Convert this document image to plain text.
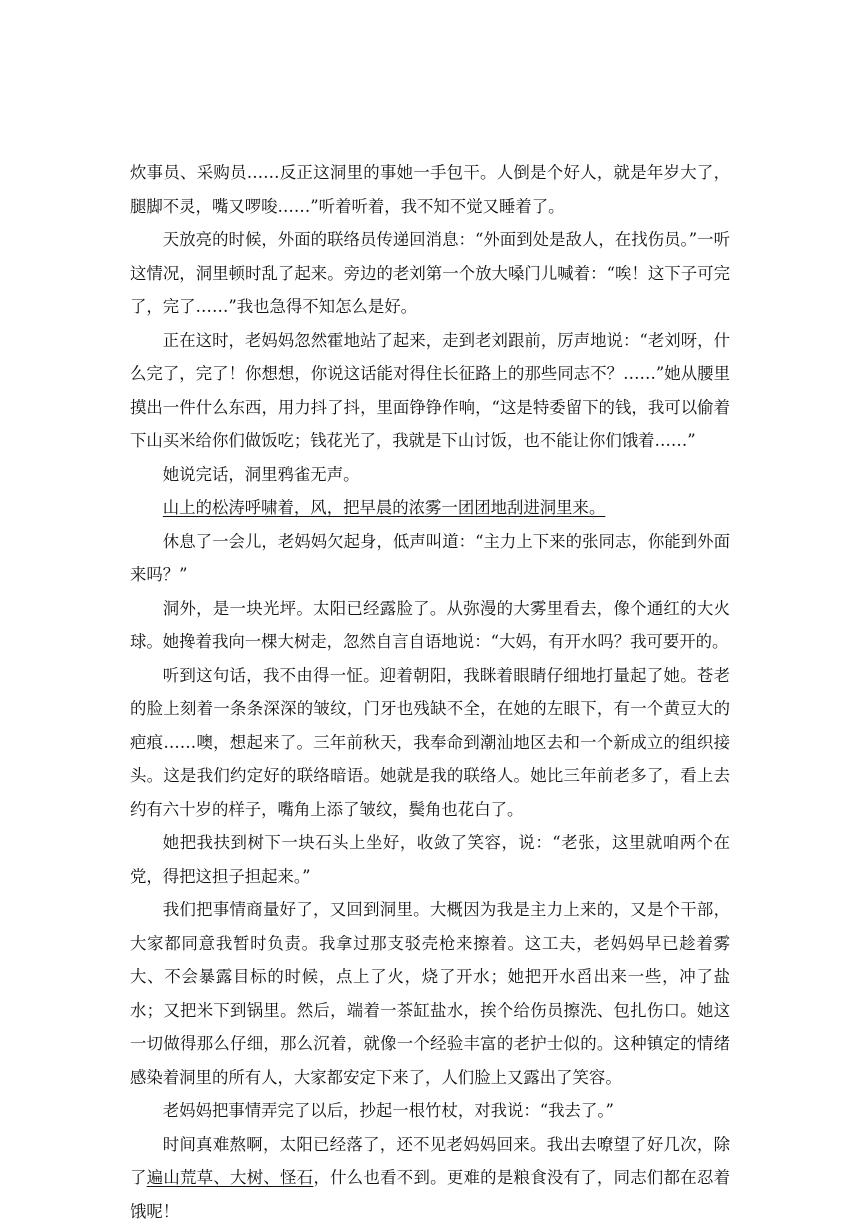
炊事员、采购员……反正这洞里的事她一手包干。人倒是个好人，就是年岁大了，腿脚不灵，嘴又啰唆……”听着听着，我不知不觉又睡着了。

天放亮的时候，外面的联络员传递回消息：“外面到处是敌人，在找伤员。”一听这情况，洞里顿时乱了起来。旁边的老刘第一个放大嗓门儿喊着：“唉！这下子可完了，完了……”我也急得不知怎么是好。

正在这时，老妈妈忽然霍地站了起来，走到老刘跟前，厉声地说：“老刘呀，什么完了，完了！你想想，你说这话能对得住长征路上的那些同志不？……”她从腰里摸出一件什么东西，用力抖了抖，里面铮铮作响，“这是特委留下的钱，我可以偷着下山买米给你们做饭吃；钱花光了，我就是下山讨饭，也不能让你们饿着……”

她说完话，洞里鸦雀无声。

山上的松涛呼啸着，风，把早晨的浓雾一团团地刮进洞里来。

休息了一会儿，老妈妈欠起身，低声叫道：“主力上下来的张同志，你能到外面来吗？”

洞外，是一块光坪。太阳已经露脸了。从弥漫的大雾里看去，像个通红的大火球。她搀着我向一棵大树走，忽然自言自语地说：“大妈，有开水吗？我可要开的。

听到这句话，我不由得一怔。迎着朝阳，我眯着眼睛仔细地打量起了她。苍老的脸上刻着一条条深深的皱纹，门牙也残缺不全，在她的左眼下，有一个黄豆大的疤痕……噢，想起来了。三年前秋天，我奉命到潮汕地区去和一个新成立的组织接头。这是我们约定好的联络暗语。她就是我的联络人。她比三年前老多了，看上去约有六十岁的样子，嘴角上添了皱纹，鬓角也花白了。

她把我扶到树下一块石头上坐好，收敛了笑容，说：“老张，这里就咱两个在党，得把这担子担起来。”

我们把事情商量好了，又回到洞里。大概因为我是主力上来的，又是个干部，大家都同意我暂时负责。我拿过那支驳壳枪来擦着。这工夫，老妈妈早已趁着雾大、不会暴露目标的时候，点上了火，烧了开水；她把开水舀出来一些，冲了盐水；又把米下到锅里。然后，端着一茶缸盐水，挨个给伤员擦洗、包扎伤口。她这一切做得那么仔细，那么沉着，就像一个经验丰富的老护士似的。这种镇定的情绪感染着洞里的所有人，大家都安定下来了，人们脸上又露出了笑容。

老妈妈把事情弄完了以后，抄起一根竹杖，对我说：“我去了。”

时间真难熬啊，太阳已经落了，还不见老妈妈回来。我出去嘹望了好几次，除了遍山荒草、大树、怪石，什么也看不到。更难的是粮食没有了，同志们都在忍着饿呢！
